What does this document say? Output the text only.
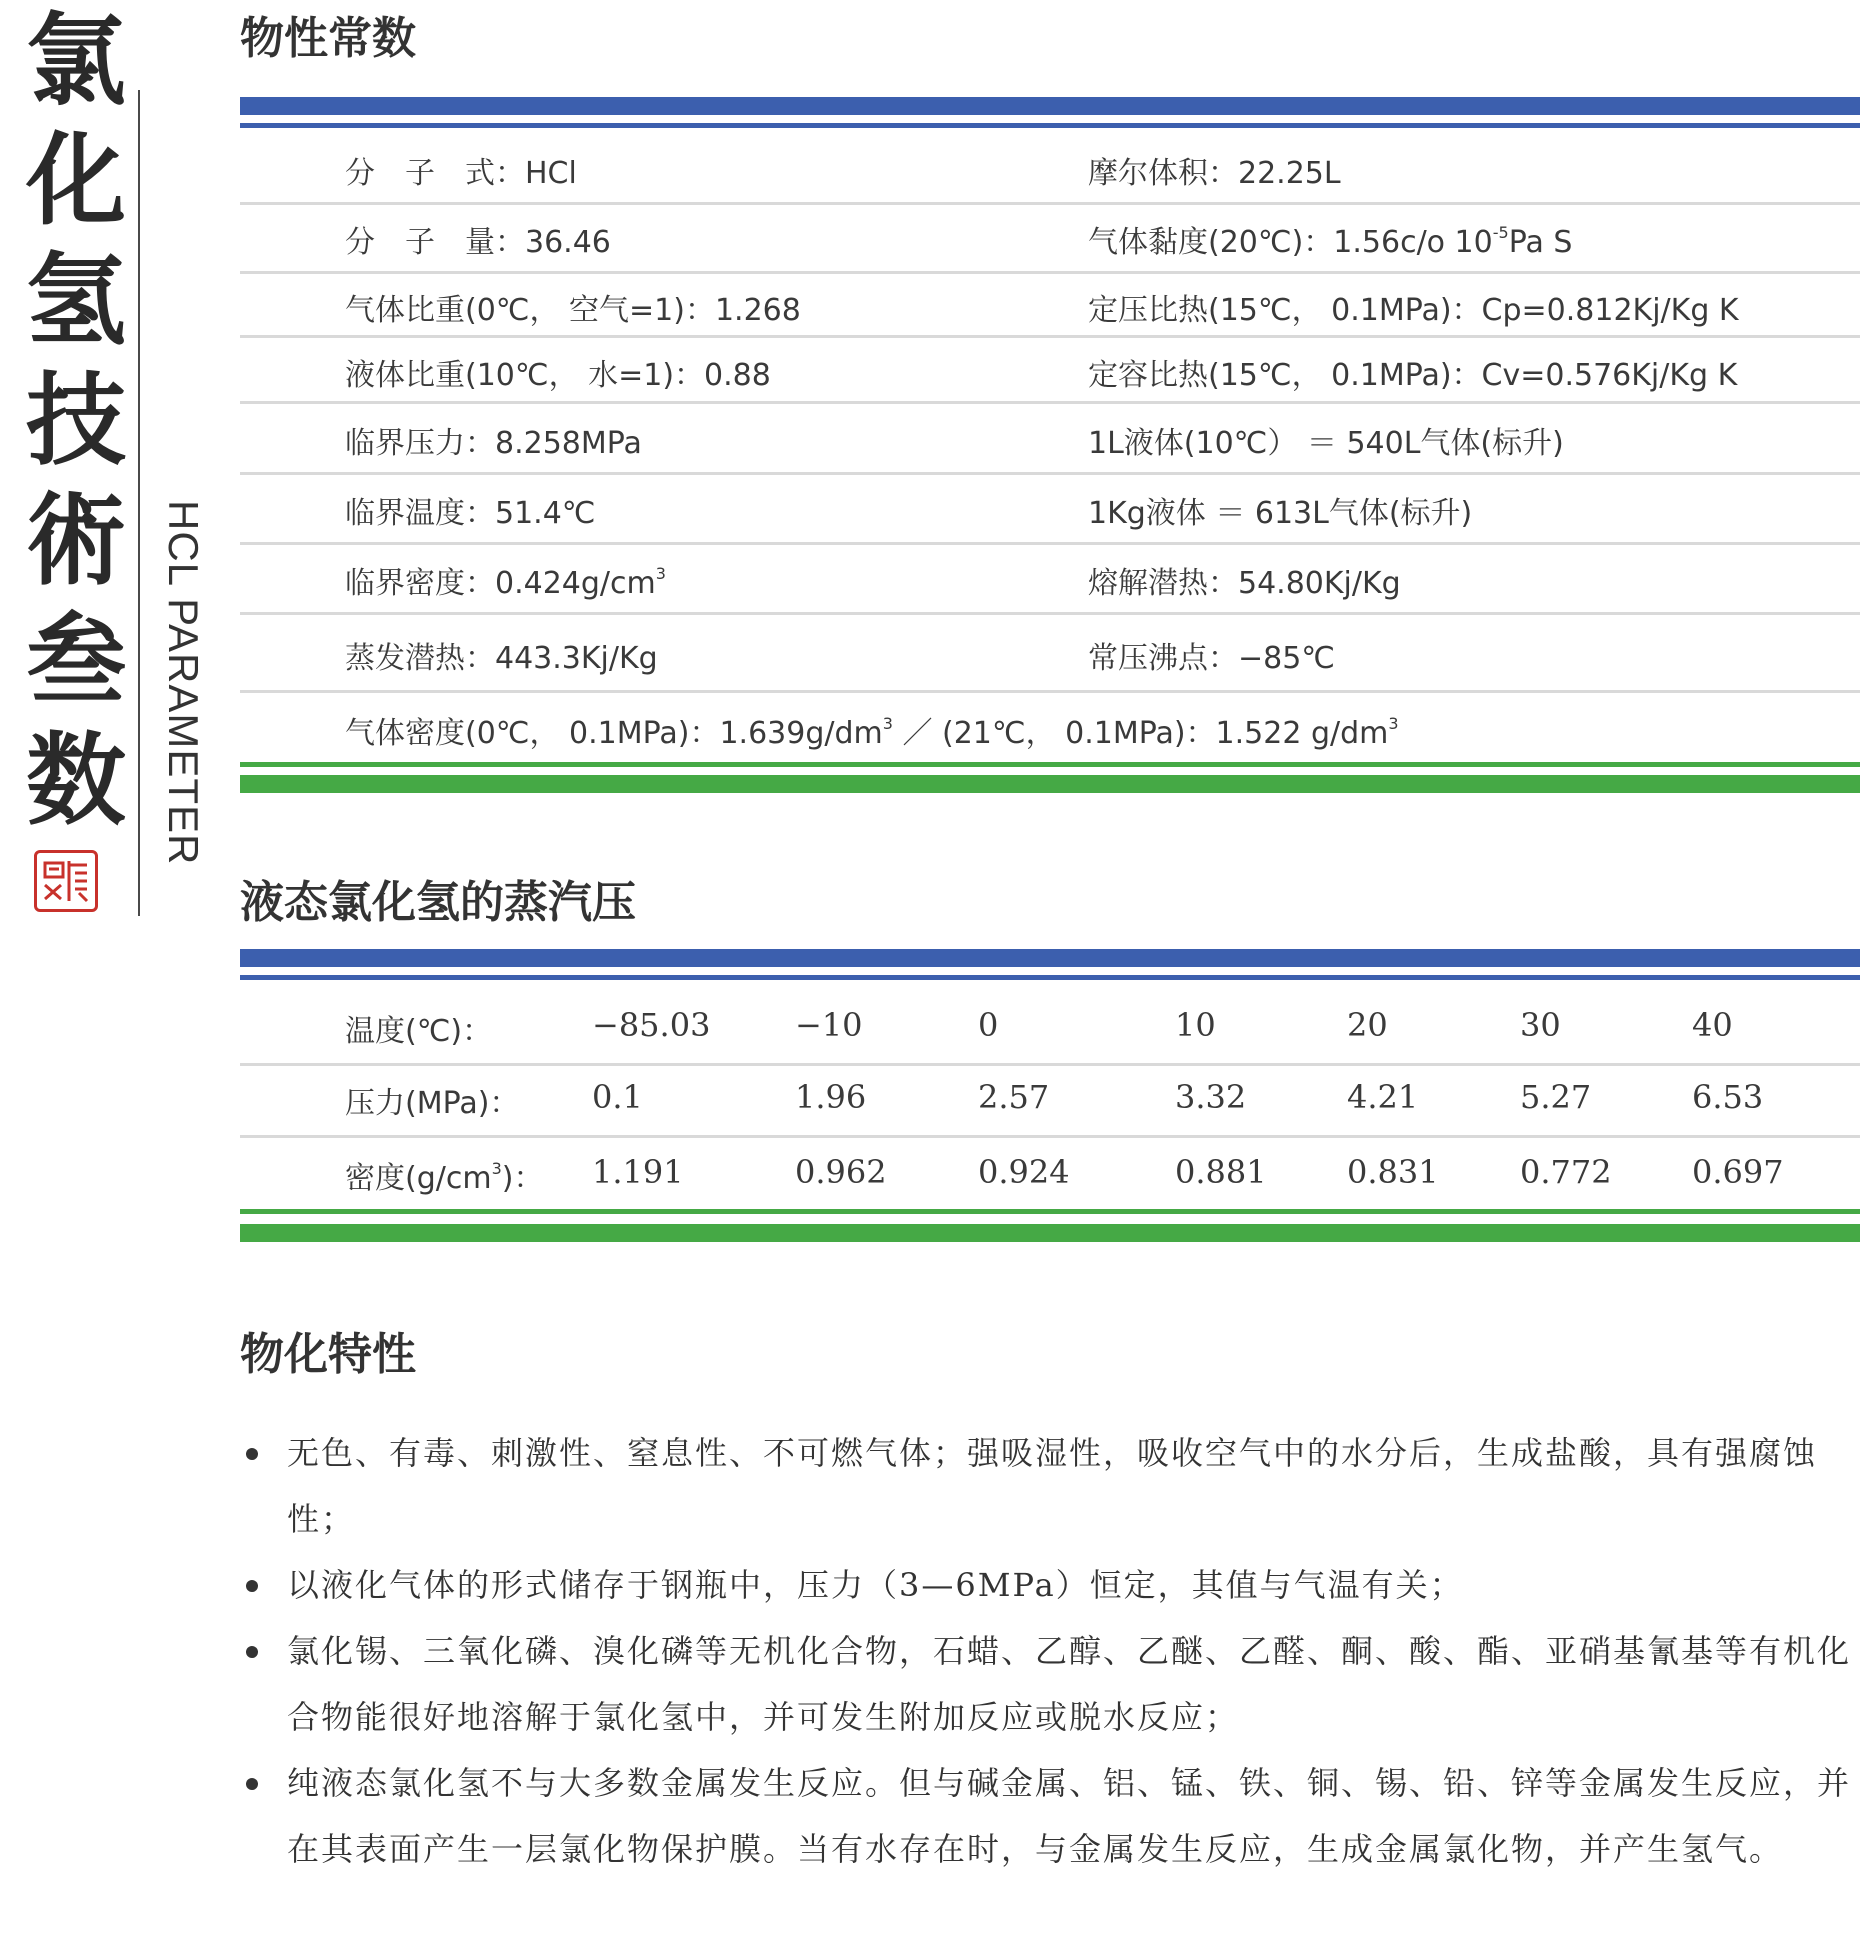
氯
化
氢
技
術
叁
数 HCL PARAMETER
物性常数
分　子　式：HCl	摩尔体积：22.25L
分　子　量：36.46	气体黏度(20℃)：1.56c/o $10^{-5}Pa$ S
气体比重(0℃， 空气=1)：1.268	定压比热(15℃， 0.1MPa)：Cp=0.812Kj/Kg K
液体比重(10℃， 水=1)：0.88	定容比热(15℃， 0.1MPa)：Cv=0.576Kj/Kg K
临界压力：8.258MPa	1L液体(10℃） ＝ 540L气体(标升)
临界温度：51.4℃	1Kg液体 ＝ 613L气体(标升)
临界密度：$0.424g/cm^3$	熔解潜热：54.80Kj/Kg
蒸发潜热：443.3Kj/Kg	常压沸点：−85℃
气体密度(0℃， 0.1MPa)：$1.639g/dm^3$ ／ (21℃， 0.1MPa)：1.522 $g/dm^3$
液态氯化氢的蒸汽压
温度(℃)：	−85.03	−10	0	10	20	30	40
压力(MPa)： 0.1	1.96	2.57	3.32	4.21	5.27	6.53
密度$(g/cm^3)$： 1.191	0.962	0.924	0.881	0.831	0.772	0.697
物化特性
无色、有毒、刺激性、窒息性、不可燃气体；强吸湿性，吸收空气中的水分后，生成盐酸，具有强腐蚀性；
以液化气体的形式储存于钢瓶中，压力（3—6MPa）恒定，其值与气温有关；
氯化锡、三氧化磷、溴化磷等无机化合物，石蜡、乙醇、乙醚、乙醛、酮、酸、酯、亚硝基氰基等有机化合物能很好地溶解于氯化氢中，并可发生附加反应或脱水反应；
纯液态氯化氢不与大多数金属发生反应。但与碱金属、铝、锰、铁、铜、锡、铅、锌等金属发生反应，并在其表面产生一层氯化物保护膜。当有水存在时，与金属发生反应，生成金属氯化物，并产生氢气。
